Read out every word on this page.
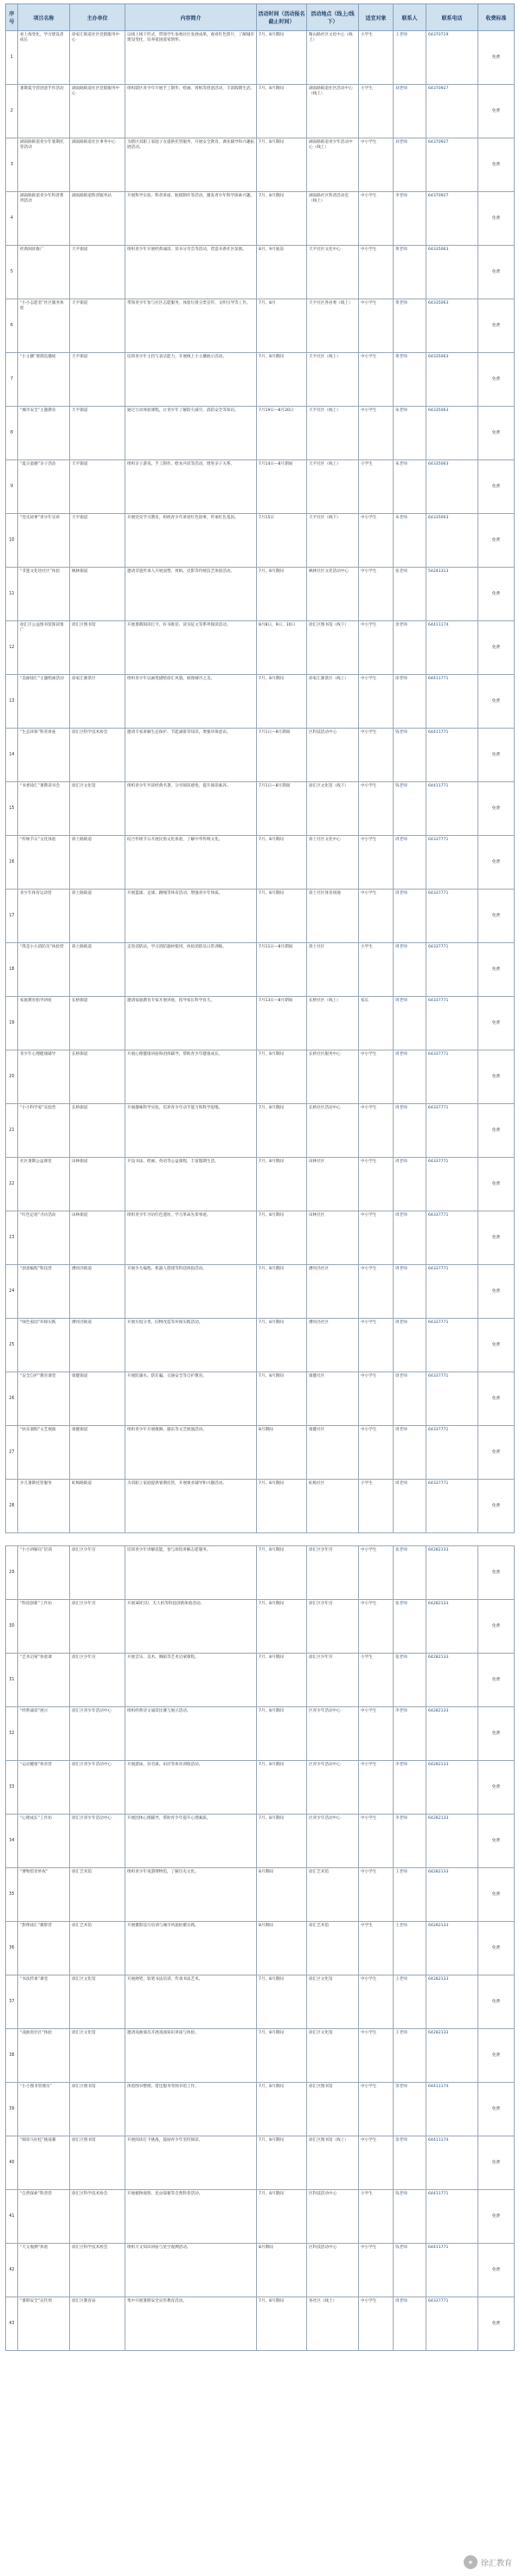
序号	项目名称	主办单位	内容简介	活动时间（活动报名截止时间）	活动地点（线上/线下）	适宜对象	联系人	联系电话	收费标准
1	看上海变化，学习建设者成长	徐家汇街道社区党群服务中心	以线上线下形式，带领学生参观社区发展成果，观看红色影片，了解城市建设变化，培养爱国爱家情怀。	7月、8月期间	衡山路社区文化中心（线上）	小学生	王老师	64370719	免费
2	暑期夏令营创意手作活动	湖南路街道社区党群服务中心	组织辖区青少年开展手工制作、绘画、剪纸等创意活动，丰富假期生活。	7月、8月期间	湖南路街道社区活动中心（线上）	小学生	刘老师	64370927	免费
3	湖南路街道青少年暑期托管活动	湖南路街道社区事务中心	为辖区双职工家庭子女提供托管服务，开展安全教育、课业辅导和兴趣拓展活动。	7月、8月期间	湖南路街道青少年活动中心（线上）	中小学生	刘老师	64370927	免费
4	湖南路街道青少年科普系列活动	湖南路街道科普服务站	开展科学实验、科普讲座、航模制作等活动，激发青少年科学探索兴趣。	7月、8月期间	湖南路社区科普活动室（线上）	中小学生	李老师	64370927	免费
5	经典阅读推广	天平街道	组织青少年开展经典诵读、读书分享会等活动，营造书香社区氛围。	8月、9月底前	天平社区文化中心	中小学生	黄老师	64335063	免费
6	“小小志愿者”社区服务体验	天平街道	带领青少年参与社区志愿服务，体验垃圾分类宣传、文明引导等工作。	7月、8月	天平社区各居委（线上）	中小学生	黄老师	64335063	免费
7	“小主播”暑期直播间	天平街道	培训青少年主持与表达能力，开展线上小主播展示活动。	7月、8月期间	天平社区（线上）	中小学生	黄老师	64335063	免费
8	“城市安全”主题教育	天平街道	通过互动体验课程，让青少年了解防灾减灾、消防安全等知识。	7月19日—8月20日	天平社区（线上）	中小学生	朱老师	64335063	免费
9	“夏日童趣”亲子活动	天平街道	组织亲子游戏、手工制作、绘本共读等活动，增进亲子关系。	7月14日—8月期间	天平社区（线上）	小学生	朱老师	64335063	免费
10	“党史故事”青少年宣讲	天平街道	开展党史学习教育，组织青少年讲述红色故事，传承红色基因。	7月15日	天平社区（线下）	中小学生	朱老师	64335063	免费
11	“非遗文化进社区”体验	枫林街道	邀请非遗传承人开展面塑、剪纸、皮影等传统技艺体验活动。	7月、8月期间	枫林社区文化活动中心	中小学生	张老师	54241313	免费
12	徐汇区公益图书馆阅读推广	徐汇区图书馆	开展暑期阅读打卡、好书推荐、读书征文等系列阅读活动。	8月8日、9日、10日	徐汇区图书馆（线下）	中小学生	余老师	64411174	免费
13	“美丽徐汇”主题绘画活动	徐家汇源景区	组织青少年以画笔描绘徐汇风貌，展现城市之美。	7月、8月期间	徐家汇源景区（线上）	中小学生	徐老师	64411771	免费
14	“生态环保”科普讲座	徐汇区科学技术协会	邀请专家讲解生态保护、节能减排等知识，增强环保意识。	7月1日—8月期间	区科技活动中心	中小学生	钱老师	64411771	免费
15	“书香徐汇”暑期读书会	徐汇区文化馆	组织青少年共读经典名著，分享阅读感悟，提升阅读素养。	7月1日—8月期间	徐汇区文化馆（线下）	中小学生	钱老师	64411771	免费
16	“传统节日”文化体验	斜土路街道	结合传统节日开展民俗文化体验，了解中华传统文化。	7月、8月期间	斜土社区文化中心	中小学生	周老师	64337771	免费
17	青少年体育运动营	斜土路街道	开展篮球、足球、跳绳等体育活动，增强青少年体质。	7月、8月期间	斜土社区体育场地	中小学生	周老师	64337771	免费
18	“我是小小消防员”体验营	斜土路街道	走进消防站，学习消防器材使用，体验消防员日常训练。	7月11日—8月期间	斜土社区	小学生	周老师	64337771	免费
19	家庭教育指导讲座	长桥街道	邀请家庭教育专家开展讲座，指导家长科学育儿。	7月13日—8月期间	长桥社区（线上）	家长	周老师	64337771	免费
20	青少年心理健康辅导	长桥街道	开展心理健康讲座和团体辅导，帮助青少年健康成长。	7月、8月期间	长桥社区服务中心	中小学生	周老师	64337771	免费
21	“小小科学家”实验营	长桥街道	开展趣味科学实验，培养青少年动手能力和科学思维。	7月、8月期间	长桥社区活动中心	中小学生	周老师	64337771	免费
22	社区暑期公益课堂	田林街道	开设书法、绘画、英语等公益课程，丰富假期生活。	7月、8月期间	田林社区	中小学生	周老师	64337771	免费
23	“红色足迹”寻访活动	田林街道	组织青少年寻访红色遗址，学习革命先辈事迹。	7月、8月期间	田林社区	中小学生	周老师	64337771	免费
24	“创意编程”科技营	漕河泾街道	开展少儿编程、机器人搭建等科技体验活动。	7月、8月期间	漕河泾社区	中小学生	周老师	64337771	免费
25	“绿色家园”环保实践	漕河泾街道	开展垃圾分类、旧物改造等环保实践活动。	7月、8月期间	漕河泾社区	中小学生	周老师	64337771	免费
26	“安全自护”教育课堂	康健街道	开展防溺水、防诈骗、交通安全等自护教育。	7月、8月期间	康健社区	中小学生	周老师	64337771	免费
27	“快乐暑假”文艺展演	康健街道	组织青少年开展歌舞、器乐等文艺展演活动。	8月期间	康健社区	中小学生	周老师	64337771	免费
28	少儿暑期托管服务	虹梅路街道	为双职工家庭提供暑期托管，开展课业辅导和兴趣活动。	7月、8月期间	虹梅社区	小学生	周老师	64337771	免费
29	“小小讲解员”培训	徐汇区少年宫	培训青少年讲解技能，参与场馆讲解志愿服务。	7月、8月期间	徐汇区少年宫	中小学生	张老师	64282133	免费
30	“科技创新”工作坊	徐汇区少年宫	开展3D打印、无人机等科技创新体验活动。	7月、8月期间	徐汇区少年宫	中小学生	张老师	64282133	免费
31	“艺术启蒙”体验课	徐汇区少年宫	开展音乐、美术、舞蹈等艺术启蒙课程。	7月、8月期间	徐汇区少年宫	小学生	张老师	64282133	免费
32	“经典诵读”展示	徐汇区青少年活动中心	组织经典诗文诵读比赛与展示活动。	7月、8月期间	区青少年活动中心	中小学生	李老师	64282133	免费
33	“运动健康”体育营	徐汇区青少年活动中心	开展游泳、羽毛球、田径等体育训练活动。	7月、8月期间	区青少年活动中心	中小学生	李老师	64282133	免费
34	“心理成长”工作坊	徐汇区青少年活动中心	开展团体心理辅导，帮助青少年提升心理素质。	7月、8月期间	区青少年活动中心	中小学生	李老师	64282133	免费
35	“博物馆奇妙夜”	徐汇艺术馆	组织青少年夜游博物馆，了解历史文化。	8月期间	徐汇艺术馆	中小学生	王老师	64282133	免费
36	“影像徐汇”摄影营	徐汇艺术馆	开展摄影技巧培训与城市风貌拍摄实践。	8月期间	徐汇艺术馆	中学生	王老师	64282133	免费
37	“书法传承”课堂	徐汇区文化馆	开展硬笔、软笔书法培训，传承书法艺术。	7月、8月期间	徐汇区文化馆	中小学生	王老师	64282133	免费
38	“戏曲进社区”体验	徐汇区文化馆	邀请戏曲演员开展戏曲知识讲座与体验。	7月、8月期间	徐汇区文化馆	中小学生	王老师	64282133	免费
39	“小小图书管理员”	徐汇区图书馆	体验图书整理、借还服务等图书馆工作。	7月、8月期间	徐汇区图书馆	中小学生	余老师	64411174	免费
40	“阅读马拉松”挑战赛	徐汇区图书馆	开展阅读打卡挑战，鼓励青少年坚持阅读。	7月、8月期间	徐汇区图书馆（线上）	中小学生	余老师	64411174	免费
41	“自然探索”科普营	徐汇区科学技术协会	开展植物观察、昆虫探秘等自然科普活动。	7月、8月期间	区科技活动中心	小学生	钱老师	64411771	免费
42	“天文观测”体验	徐汇区科学技术协会	组织天文知识讲座与星空观测活动。	8月期间	区科技活动中心	中小学生	钱老师	64411771	免费
43	“暑期安全”宣传周	徐汇区教育局	集中开展暑期安全宣传教育活动。	7月、8月期间	各社区（线上）	中小学生	周老师	64337771	免费
✦ 徐汇教育
